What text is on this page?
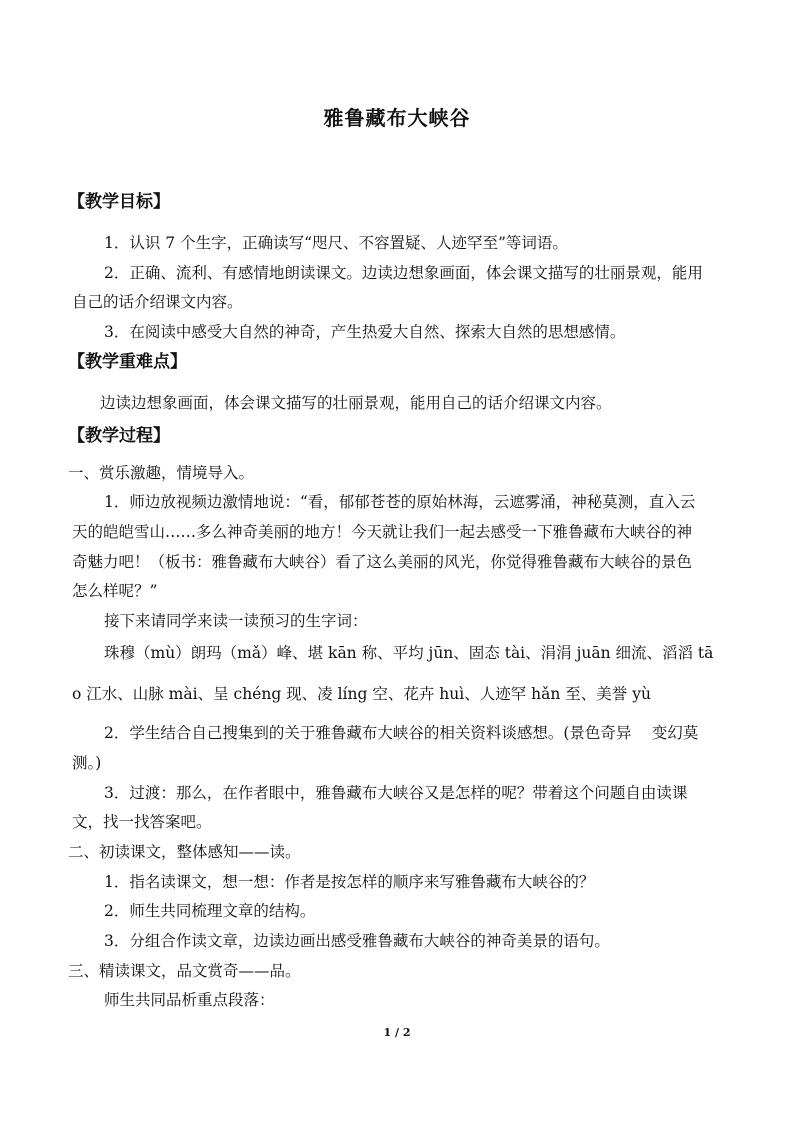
雅鲁藏布大峡谷
【教学目标】
1．认识 7 个生字，正确读写“咫尺、不容置疑、人迹罕至”等词语。
2．正确、流利、有感情地朗读课文。边读边想象画面，体会课文描写的壮丽景观，能用
自己的话介绍课文内容。
3．在阅读中感受大自然的神奇，产生热爱大自然、探索大自然的思想感情。
【教学重难点】
边读边想象画面，体会课文描写的壮丽景观，能用自己的话介绍课文内容。
【教学过程】
一、赏乐激趣，情境导入。
1．师边放视频边激情地说：“看，郁郁苍苍的原始林海，云遮雾涌，神秘莫测，直入云
天的皑皑雪山……多么神奇美丽的地方！今天就让我们一起去感受一下雅鲁藏布大峡谷的神
奇魅力吧！（板书：雅鲁藏布大峡谷）看了这么美丽的风光，你觉得雅鲁藏布大峡谷的景色
怎么样呢？”
接下来请同学来读一读预习的生字词：
珠穆（mù）朗玛（mǎ）峰、堪 kān 称、平均 jūn、固态 tài、涓涓 juān 细流、滔滔 tā
o 江水、山脉 mài、呈 chéng 现、凌 líng 空、花卉 huì、人迹罕 hǎn 至、美誉 yù
2．学生结合自己搜集到的关于雅鲁藏布大峡谷的相关资料谈感想。(景色奇异　 变幻莫
测。)
3．过渡：那么，在作者眼中，雅鲁藏布大峡谷又是怎样的呢？带着这个问题自由读课
文，找一找答案吧。
二、初读课文，整体感知——读。
1．指名读课文，想一想：作者是按怎样的顺序来写雅鲁藏布大峡谷的？
2．师生共同梳理文章的结构。
3．分组合作读文章，边读边画出感受雅鲁藏布大峡谷的神奇美景的语句。
三、精读课文，品文赏奇——品。
师生共同品析重点段落：
1 / 2
